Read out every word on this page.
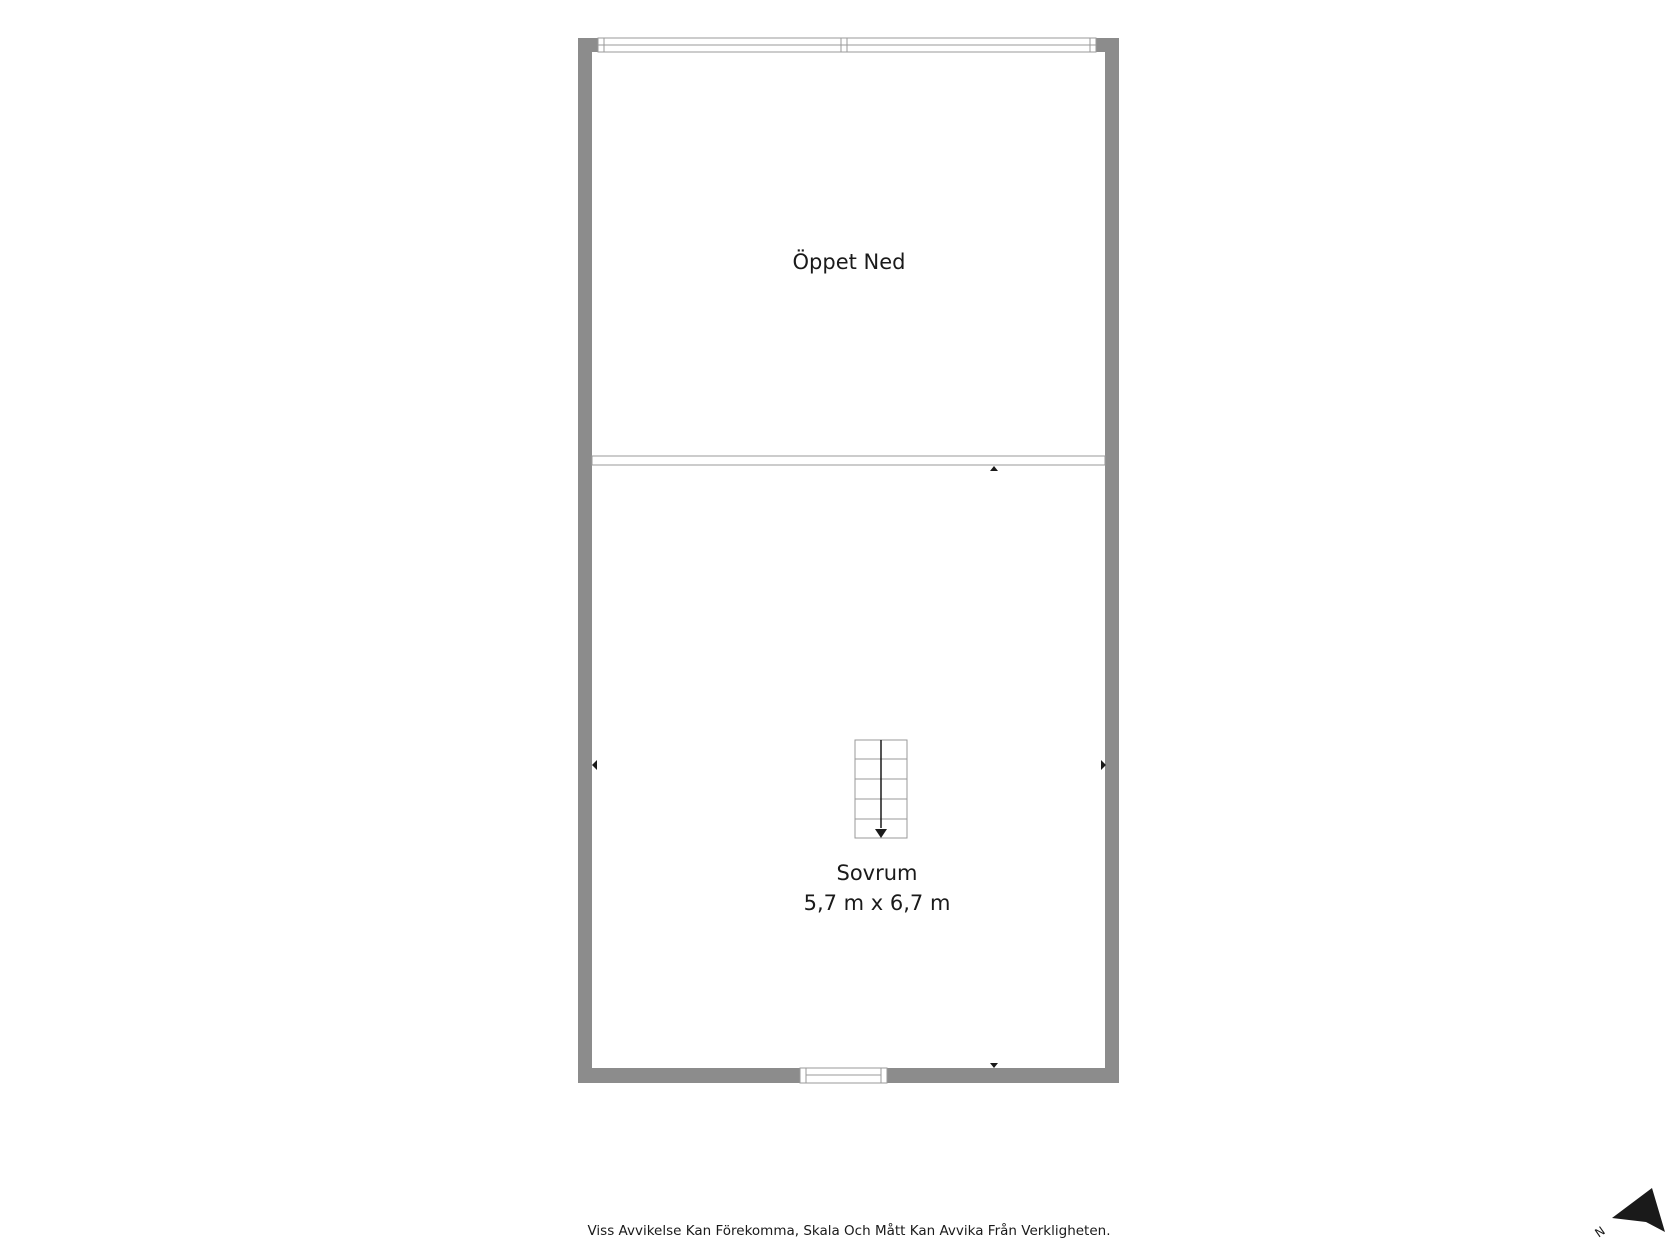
Öppet Ned
Sovrum
5,7 m x 6,7 m
Viss Avvikelse Kan Förekomma, Skala Och Mått Kan Avvika Från Verkligheten.	N
